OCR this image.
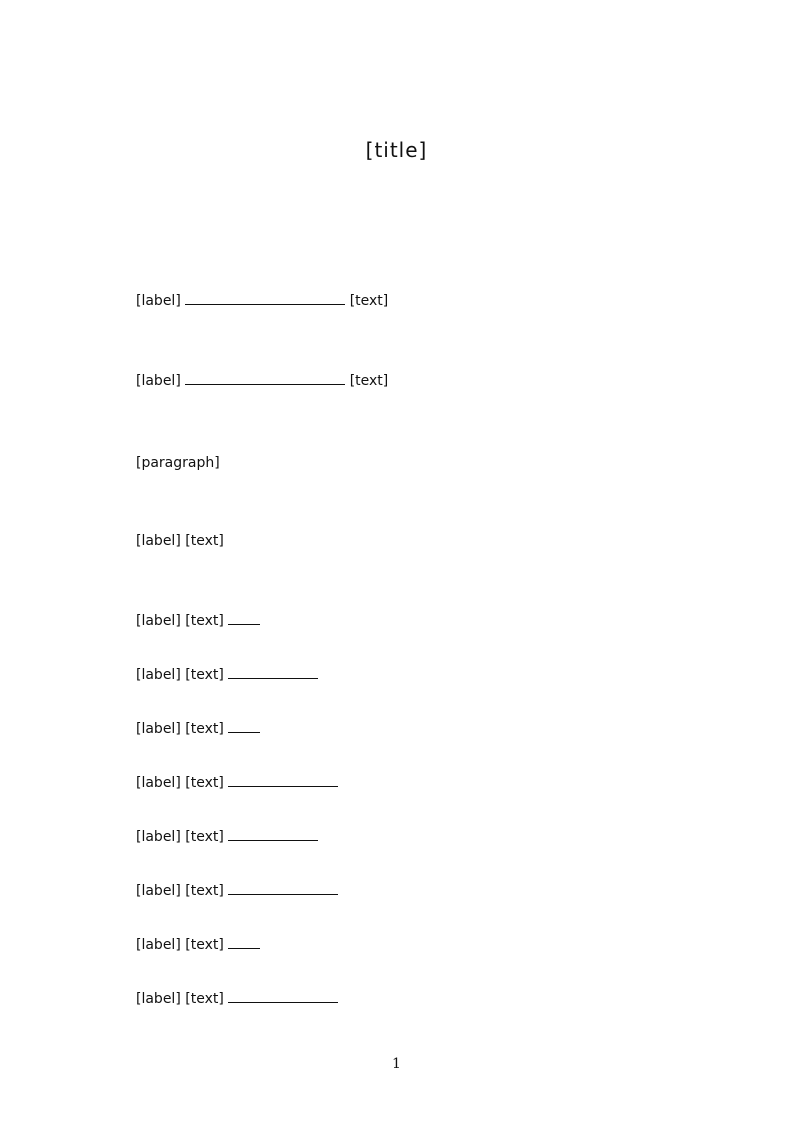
[title]
[label]	[text]
[label]	[text]
[paragraph]
[label] [text]
[label] [text]
[label] [text]
[label] [text]
[label] [text]
[label] [text]
[label] [text]
[label] [text]
[label] [text]
1
